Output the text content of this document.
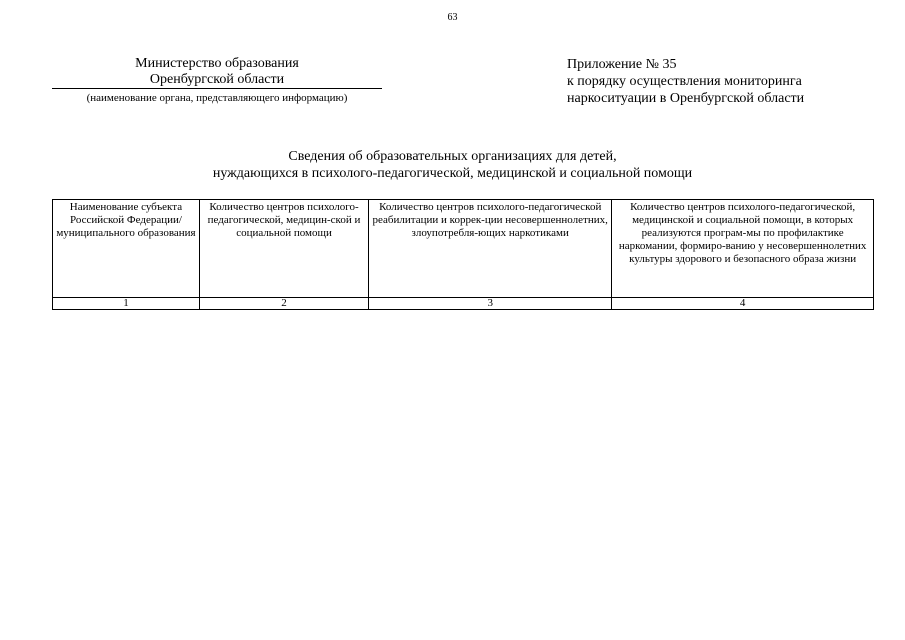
63
Министерство образования
Оренбургской области
(наименование органа, представляющего информацию)
Приложение № 35
к порядку осуществления мониторинга
наркоситуации в Оренбургской области
Сведения об образовательных организациях для детей,
нуждающихся в психолого-педагогической, медицинской и социальной помощи
Наименование субъекта Российской Федерации/ муниципального образования	Количество центров психолого-педагогической, медицин-ской и социальной помощи	Количество центров психолого-педагогической реабилитации и коррек-ции несовершеннолетних, злоупотребля-ющих наркотиками	Количество центров психолого-педагогической, медицинской и социальной помощи, в которых реализуются програм-мы по профилактике наркомании, формиро-ванию у несовершеннолетних культуры здорового и безопасного образа жизни
1	2	3	4
